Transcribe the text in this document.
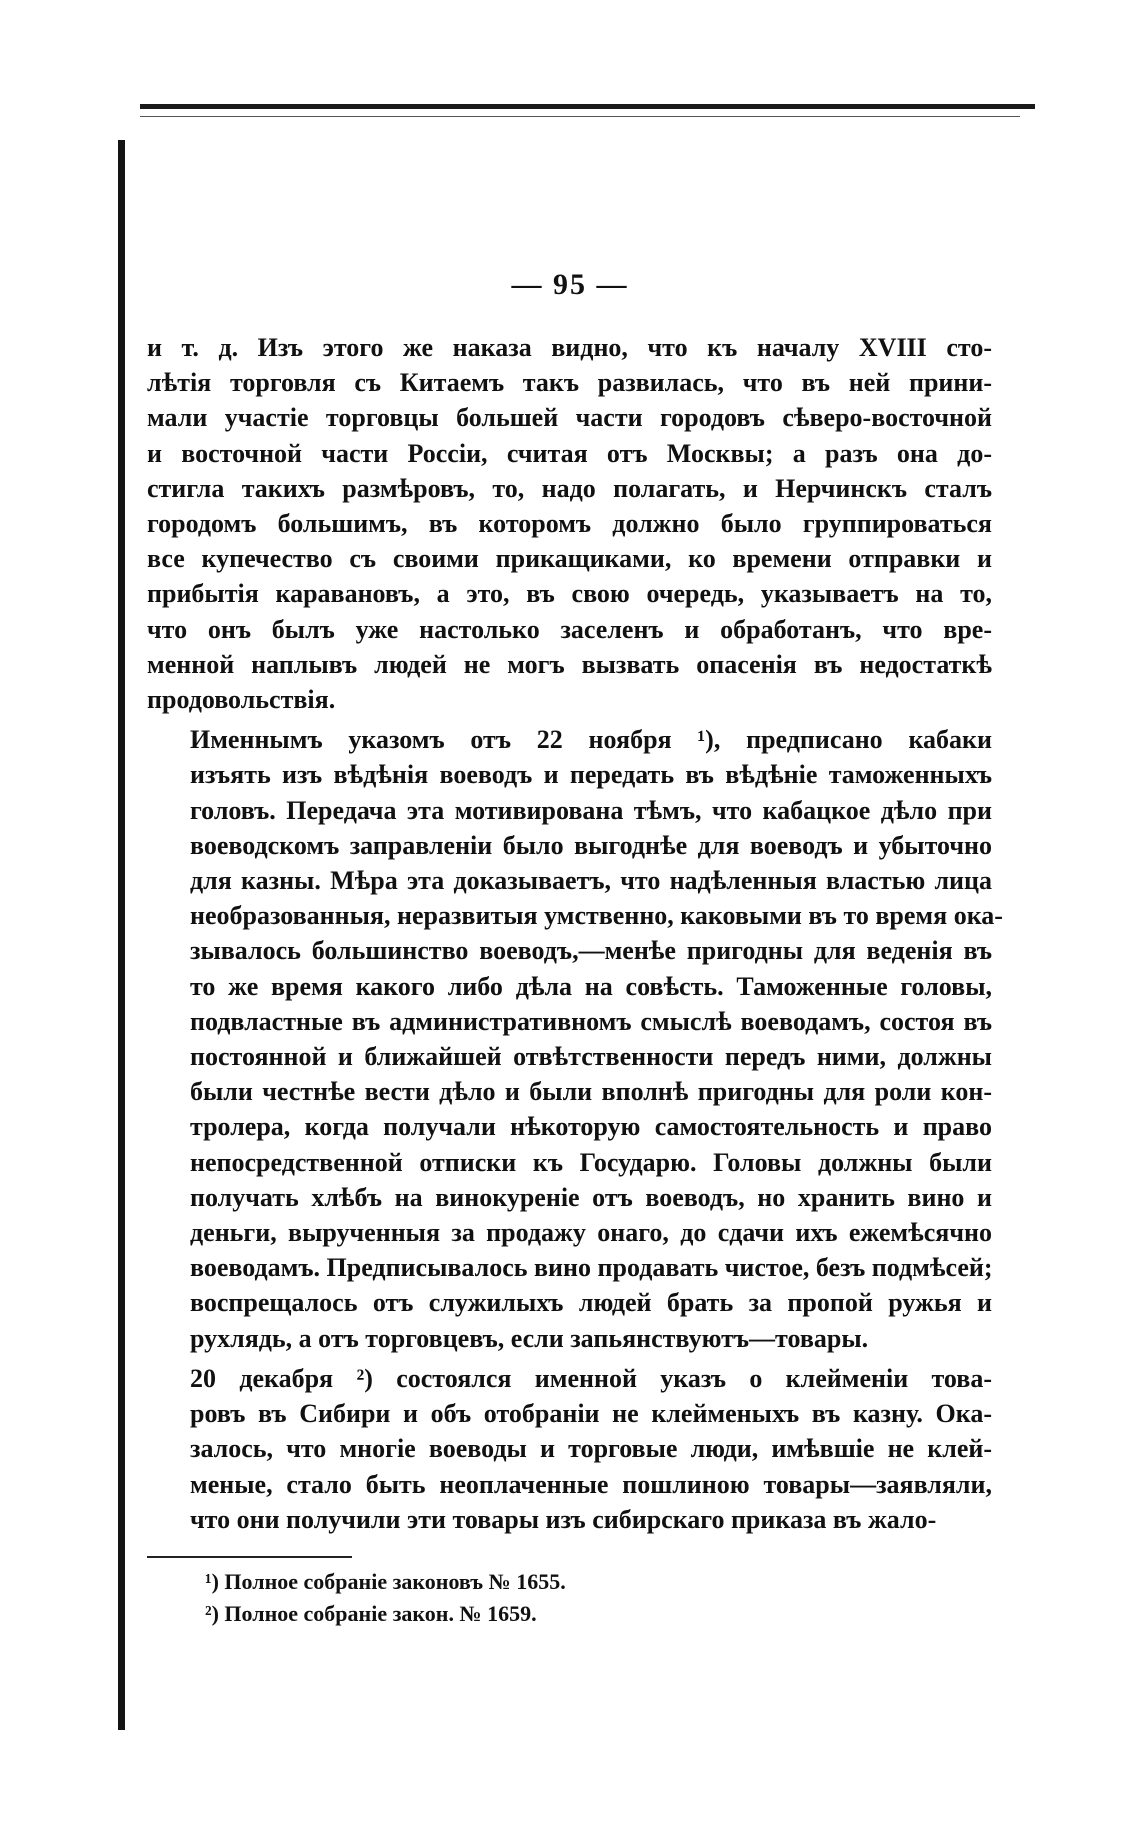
— 95 —

и т. д. Изъ этого же наказа видно, что къ началу XVIII сто-
лѣтія торговля съ Китаемъ такъ развилась, что въ ней прини-
мали участіе торговцы большей части городовъ сѣверо-восточной
и восточной части Россіи, считая отъ Москвы; а разъ она до-
стигла такихъ размѣровъ, то, надо полагать, и Нерчинскъ сталъ
городомъ большимъ, въ которомъ должно было группироваться
все купечество съ своими прикащиками, ко времени отправки и
прибытія каравановъ, а это, въ свою очередь, указываетъ на то,
что онъ былъ уже настолько заселенъ и обработанъ, что вре-
менной наплывъ людей не могъ вызвать опасенія въ недостаткѣ
продовольствія.

Именнымъ указомъ отъ 22 ноября ¹), предписано кабаки
изъять изъ вѣдѣнія воеводъ и передать въ вѣдѣніе таможенныхъ
головъ. Передача эта мотивирована тѣмъ, что кабацкое дѣло при
воеводскомъ заправленіи было выгоднѣе для воеводъ и убыточно
для казны. Мѣра эта доказываетъ, что надѣленныя властью лица
необразованныя, неразвитыя умственно, каковыми въ то время ока-
зывалось большинство воеводъ,—менѣе пригодны для веденія въ
то же время какого либо дѣла на совѣсть. Таможенные головы,
подвластные въ административномъ смыслѣ воеводамъ, состоя въ
постоянной и ближайшей отвѣтственности передъ ними, должны
были честнѣе вести дѣло и были вполнѣ пригодны для роли кон-
тролера, когда получали нѣкоторую самостоятельность и право
непосредственной отписки къ Государю. Головы должны были
получать хлѣбъ на винокуреніе отъ воеводъ, но хранить вино и
деньги, вырученныя за продажу онаго, до сдачи ихъ ежемѣсячно
воеводамъ. Предписывалось вино продавать чистое, безъ подмѣсей;
воспрещалось отъ служилыхъ людей брать за пропой ружья и
рухлядь, а отъ торговцевъ, если запьянствуютъ—товары.

20 декабря ²) состоялся именной указъ о клейменіи това-
ровъ въ Сибири и объ отобраніи не клейменыхъ въ казну. Ока-
залось, что многіе воеводы и торговые люди, имѣвшіе не клей-
меные, стало быть неоплаченные пошлиною товары—заявляли,
что они получили эти товары изъ сибирскаго приказа въ жало-

¹) Полное собраніе законовъ № 1655.
²) Полное собраніе закон. № 1659.
